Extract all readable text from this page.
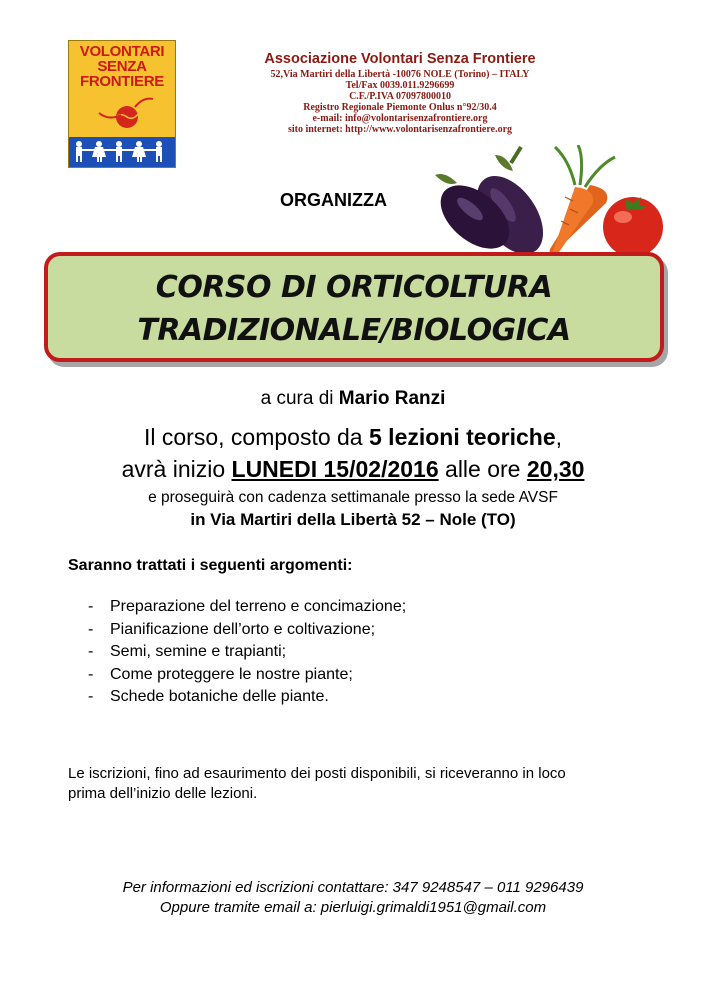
VOLONTARI
SENZA
FRONTIERE
Associazione Volontari Senza Frontiere
52,Via Martiri della Libertà -10076 NOLE (Torino) – ITALY
Tel/Fax 0039.011.9296699
C.F./P.IVA 07097800010
Registro Regionale Piemonte Onlus n°92/30.4
e-mail: info@volontarisenzafrontiere.org
sito internet: http://www.volontarisenzafrontiere.org
ORGANIZZA
CORSO DI ORTICOLTURA
TRADIZIONALE/BIOLOGICA
a cura di Mario Ranzi
Il corso, composto da 5 lezioni teoriche,
avrà inizio LUNEDI 15/02/2016 alle ore 20,30
e proseguirà con cadenza settimanale presso la sede AVSF
in Via Martiri della Libertà 52 – Nole (TO)
Saranno trattati i seguenti argomenti:
- Preparazione del terreno e concimazione;
- Pianificazione dell’orto e coltivazione;
- Semi, semine e trapianti;
- Come proteggere le nostre piante;
- Schede botaniche delle piante.
Le iscrizioni, fino ad esaurimento dei posti disponibili, si riceveranno in loco
prima dell’inizio delle lezioni.
Per informazioni ed iscrizioni contattare: 347 9248547 – 011 9296439
Oppure tramite email a: pierluigi.grimaldi1951@gmail.com
